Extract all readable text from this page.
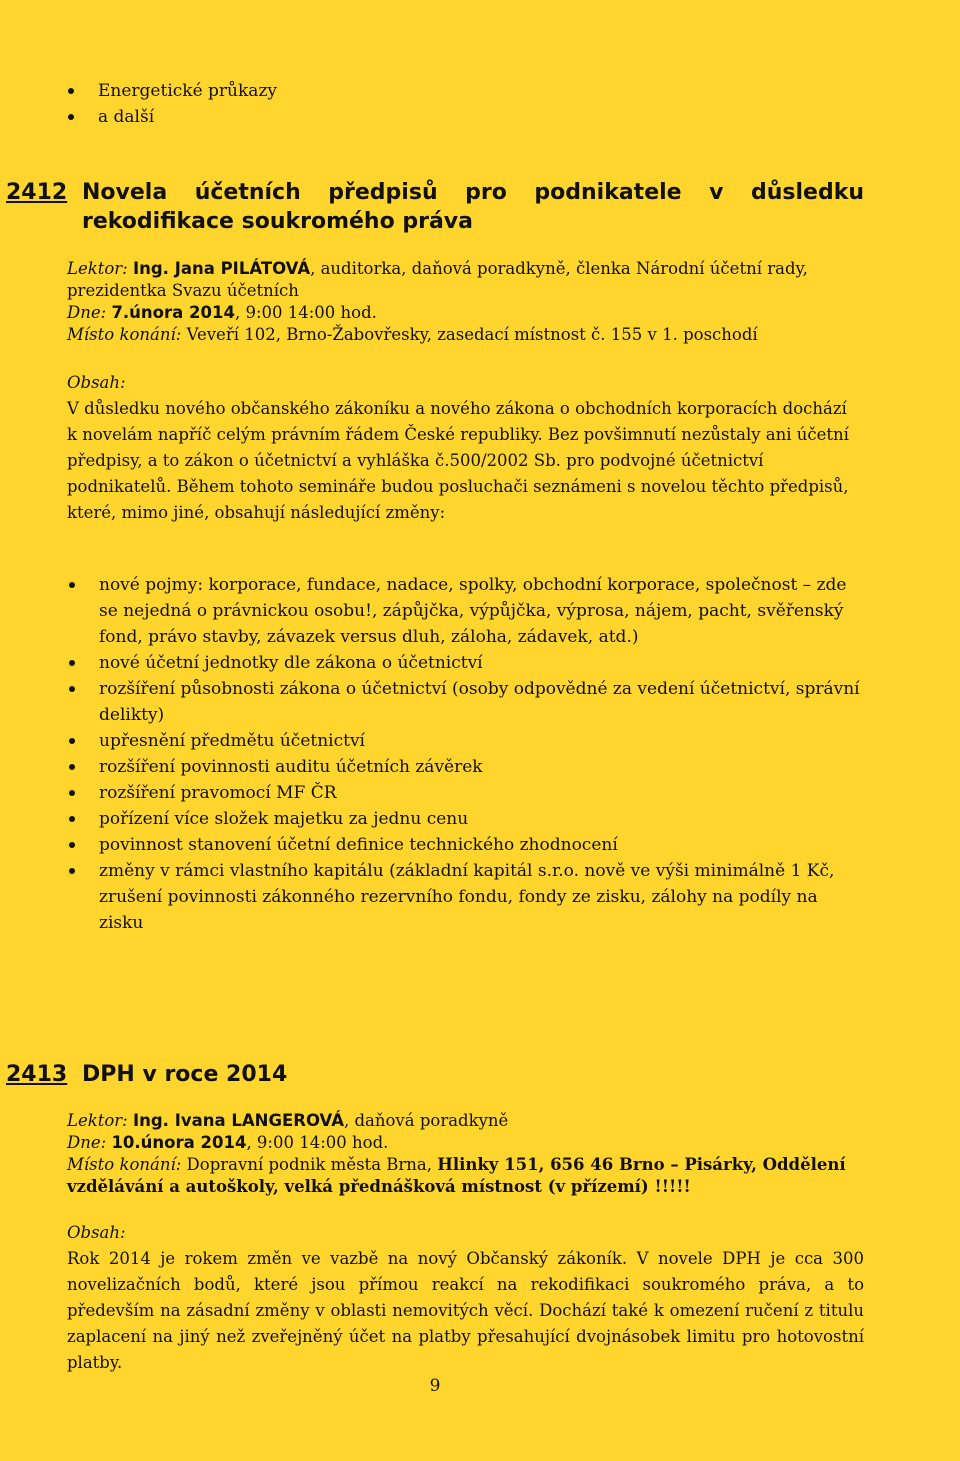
Energetické průkazy
a další
2412 Novela účetních předpisů pro podnikatele v důsledku
rekodifikace soukromého práva
Lektor: Ing. Jana PILÁTOVÁ, auditorka, daňová poradkyně, členka Národní účetní rady, prezidentka Svazu účetních
Dne: 7.února 2014, 9:00 14:00 hod.
Místo konání: Veveří 102, Brno-Žabovřesky, zasedací místnost č. 155 v 1. poschodí
Obsah:
V důsledku nového občanského zákoníku a nového zákona o obchodních korporacích dochází k novelám napříč celým právním řádem České republiky. Bez povšimnutí nezůstaly ani účetní předpisy, a to zákon o účetnictví a vyhláška č.500/2002 Sb. pro podvojné účetnictví podnikatelů. Během tohoto semináře budou posluchači seznámeni s novelou těchto předpisů, které, mimo jiné, obsahují následující změny:
nové pojmy: korporace, fundace, nadace, spolky, obchodní korporace, společnost – zde se nejedná o právnickou osobu!, zápůjčka, výpůjčka, výprosa, nájem, pacht, svěřenský fond, právo stavby, závazek versus dluh, záloha, zádavek, atd.)
nové účetní jednotky dle zákona o účetnictví
rozšíření působnosti zákona o účetnictví (osoby odpovědné za vedení účetnictví, správní delikty)
upřesnění předmětu účetnictví
rozšíření povinnosti auditu účetních závěrek
rozšíření pravomocí MF ČR
pořízení více složek majetku za jednu cenu
povinnost stanovení účetní definice technického zhodnocení
změny v rámci vlastního kapitálu (základní kapitál s.r.o. nově ve výši minimálně 1 Kč, zrušení povinnosti zákonného rezervního fondu, fondy ze zisku, zálohy na podíly na zisku
2413 DPH v roce 2014
Lektor: Ing. Ivana LANGEROVÁ, daňová poradkyně
Dne: 10.února 2014, 9:00 14:00 hod.
Místo konání: Dopravní podnik města Brna, Hlinky 151, 656 46 Brno – Pisárky, Oddělení vzdělávání a autoškoly, velká přednášková místnost (v přízemí) !!!!!
Obsah:
Rok 2014 je rokem změn ve vazbě na nový Občanský zákoník. V novele DPH je cca 300 novelizačních bodů, které jsou přímou reakcí na rekodifikaci soukromého práva, a to především na zásadní změny v oblasti nemovitých věcí. Dochází také k omezení ručení z titulu zaplacení na jiný než zveřejněný účet na platby přesahující dvojnásobek limitu pro hotovostní platby.
9
